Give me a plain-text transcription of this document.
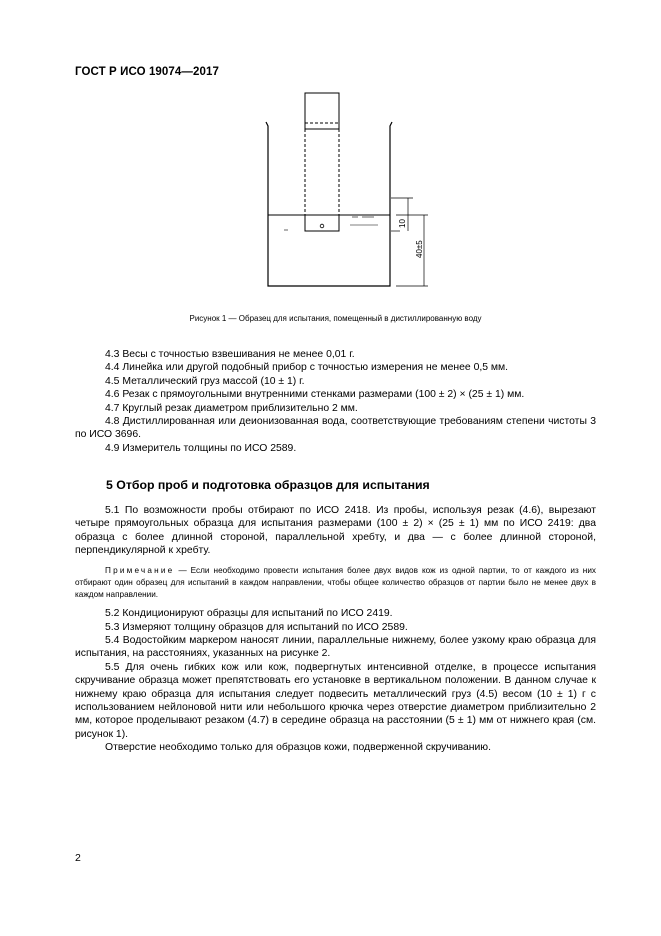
ГОСТ Р ИСО 19074—2017
10
40±5
Рисунок 1 — Образец для испытания, помещенный в дистиллированную воду

4.3 Весы с точностью взвешивания не менее 0,01 г.

4.4 Линейка или другой подобный прибор с точностью измерения не менее 0,5 мм.

4.5 Металлический груз массой (10 ± 1) г.

4.6 Резак с прямоугольными внутренними стенками размерами (100 ± 2) × (25 ± 1) мм.

4.7 Круглый резак диаметром приблизительно 2 мм.

4.8 Дистиллированная или деионизованная вода, соответствующие требованиям степени чистоты 3 по ИСО 3696.

4.9 Измеритель толщины по ИСО 2589.

5 Отбор проб и подготовка образцов для испытания

5.1 По возможности пробы отбирают по ИСО 2418. Из пробы, используя резак (4.6), вырезают четыре прямоугольных образца для испытания размерами (100 ± 2) × (25 ± 1) мм по ИСО 2419: два образца с более длинной стороной, параллельной хребту, и два — с более длинной стороной, перпендикулярной к хребту.

Примечание — Если необходимо провести испытания более двух видов кож из одной партии, то от каждого из них отбирают один образец для испытаний в каждом направлении, чтобы общее количество образцов от партии было не менее двух в каждом направлении.

5.2 Кондиционируют образцы для испытаний по ИСО 2419.

5.3 Измеряют толщину образцов для испытаний по ИСО 2589.

5.4 Водостойким маркером наносят линии, параллельные нижнему, более узкому краю образца для испытания, на расстояниях, указанных на рисунке 2.

5.5 Для очень гибких кож или кож, подвергнутых интенсивной отделке, в процессе испытания скручивание образца может препятствовать его установке в вертикальном положении. В данном случае к нижнему краю образца для испытания следует подвесить металлический груз (4.5) весом (10 ± 1) г с использованием нейлоновой нити или небольшого крючка через отверстие диаметром приблизительно 2 мм, которое проделывают резаком (4.7) в середине образца на расстоянии (5 ± 1) мм от нижнего края (см. рисунок 1).

Отверстие необходимо только для образцов кожи, подверженной скручиванию.

2
